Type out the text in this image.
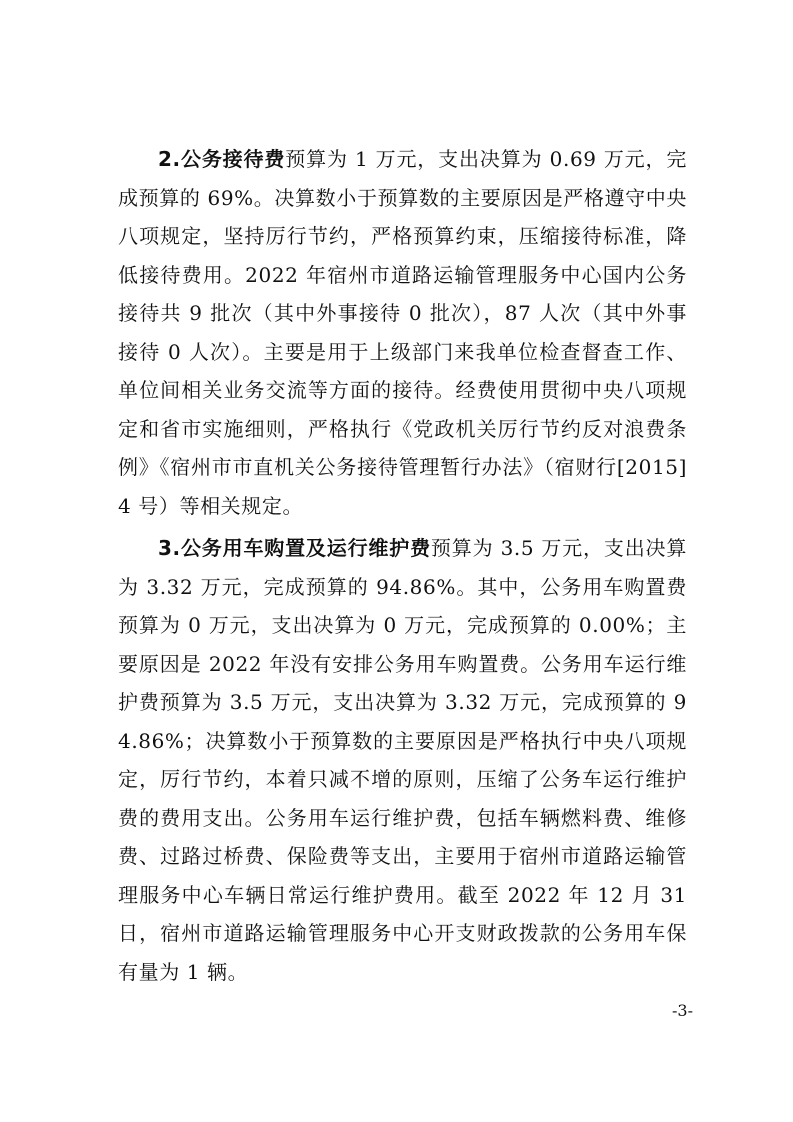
2.公务接待费预算为 1 万元，支出决算为 0.69 万元，完成预算的 69%。决算数小于预算数的主要原因是严格遵守中央八项规定，坚持厉行节约，严格预算约束，压缩接待标准，降低接待费用。2022 年宿州市道路运输管理服务中心国内公务接待共 9 批次（其中外事接待 0 批次），87 人次（其中外事接待 0 人次）。主要是用于上级部门来我单位检查督查工作、单位间相关业务交流等方面的接待。经费使用贯彻中央八项规定和省市实施细则，严格执行《党政机关厉行节约反对浪费条例》《宿州市市直机关公务接待管理暂行办法》（宿财行[2015]4 号）等相关规定。

3.公务用车购置及运行维护费预算为 3.5 万元，支出决算为 3.32 万元，完成预算的 94.86%。其中，公务用车购置费预算为 0 万元，支出决算为 0 万元，完成预算的 0.00%；主要原因是 2022 年没有安排公务用车购置费。公务用车运行维护费预算为 3.5 万元，支出决算为 3.32 万元，完成预算的 94.86%；决算数小于预算数的主要原因是严格执行中央八项规定，厉行节约，本着只减不增的原则，压缩了公务车运行维护费的费用支出。公务用车运行维护费，包括车辆燃料费、维修费、过路过桥费、保险费等支出，主要用于宿州市道路运输管理服务中心车辆日常运行维护费用。截至 2022 年 12 月 31 日，宿州市道路运输管理服务中心开支财政拨款的公务用车保有量为 1 辆。

-3-
